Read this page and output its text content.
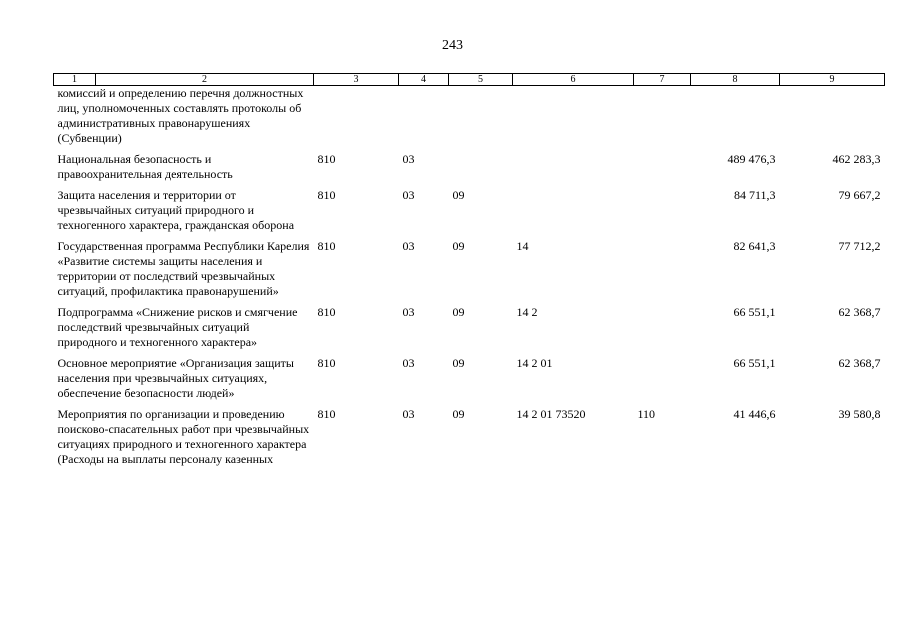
243
1	2	3	4	5	6	7	8	9
комиссий и определению перечня должностных лиц, уполномоченных составлять протоколы об административных правонарушениях (Субвенции)								
Национальная безопасность и правоохранительная деятельность		810	03				489 476,3	462 283,3
Защита населения и территории от чрезвычайных ситуаций природного и техногенного характера, гражданская оборона		810	03	09			84 711,3	79 667,2
Государственная программа Республики Карелия «Развитие системы защиты населения и территории от последствий чрезвычайных ситуаций, профилактика правонарушений»		810	03	09	14		82 641,3	77 712,2
Подпрограмма «Снижение рисков и смягчение последствий чрезвычайных ситуаций природного и техногенного характера»		810	03	09	14 2		66 551,1	62 368,7
Основное мероприятие «Организация защиты населения при чрезвычайных ситуациях, обеспечение безопасности людей»		810	03	09	14 2 01		66 551,1	62 368,7
Мероприятия по организации и проведению поисково-спасательных работ при чрезвычайных ситуациях природного и техногенного характера (Расходы на выплаты персоналу казенных		810	03	09	14 2 01 73520	110	41 446,6	39 580,8
